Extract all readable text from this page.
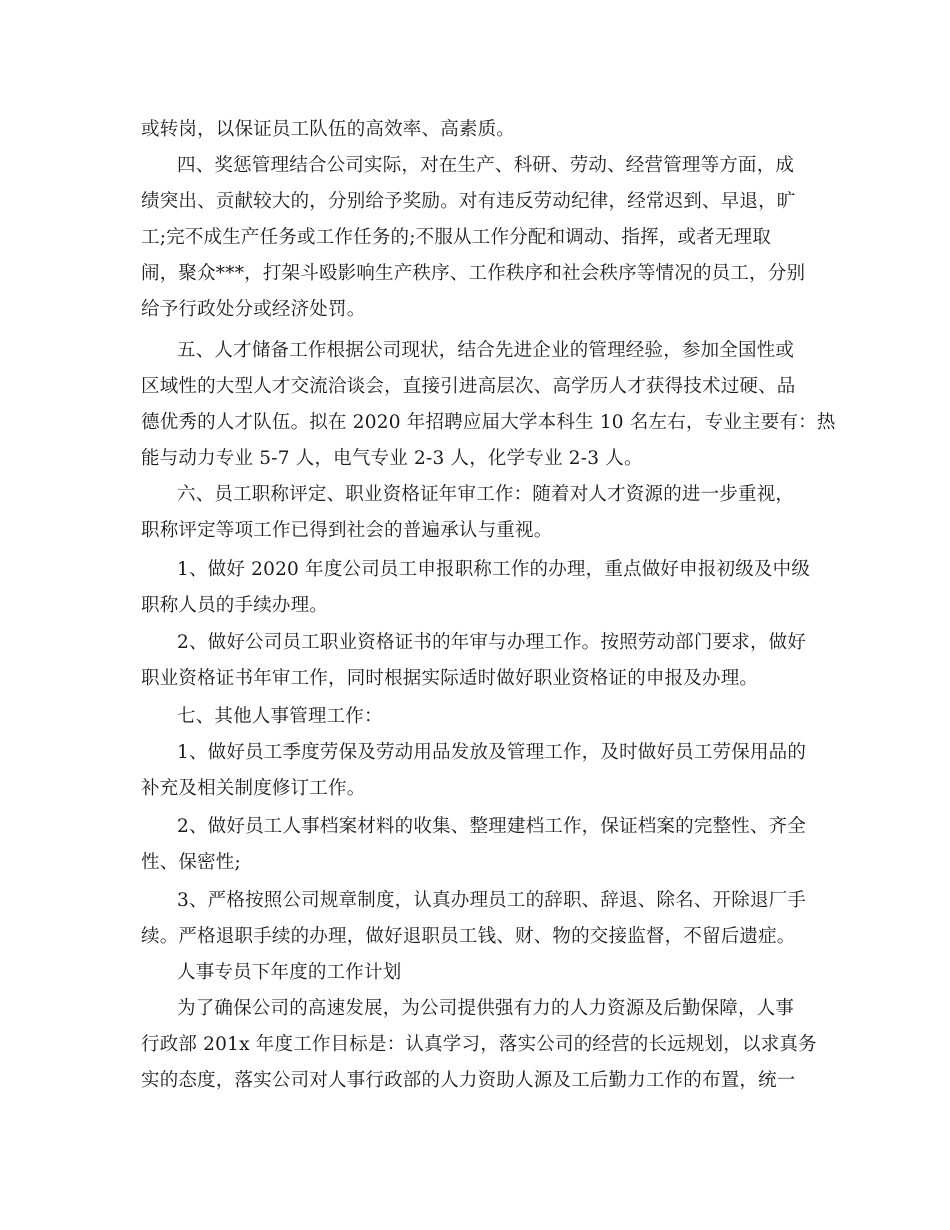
或转岗，以保证员工队伍的高效率、高素质。
四、奖惩管理结合公司实际，对在生产、科研、劳动、经营管理等方面，成
绩突出、贡献较大的，分别给予奖励。对有违反劳动纪律，经常迟到、早退，旷
工;完不成生产任务或工作任务的;不服从工作分配和调动、指挥，或者无理取
闹，聚众***，打架斗殴影响生产秩序、工作秩序和社会秩序等情况的员工，分别
给予行政处分或经济处罚。
五、人才储备工作根据公司现状，结合先进企业的管理经验，参加全国性或
区域性的大型人才交流洽谈会，直接引进高层次、高学历人才获得技术过硬、品
德优秀的人才队伍。拟在 2020 年招聘应届大学本科生 10 名左右，专业主要有：热
能与动力专业 5-7 人，电气专业 2-3 人，化学专业 2-3 人。
六、员工职称评定、职业资格证年审工作：随着对人才资源的进一步重视，
职称评定等项工作已得到社会的普遍承认与重视。
1、做好 2020 年度公司员工申报职称工作的办理，重点做好申报初级及中级
职称人员的手续办理。
2、做好公司员工职业资格证书的年审与办理工作。按照劳动部门要求，做好
职业资格证书年审工作，同时根据实际适时做好职业资格证的申报及办理。
七、其他人事管理工作：
1、做好员工季度劳保及劳动用品发放及管理工作，及时做好员工劳保用品的
补充及相关制度修订工作。
2、做好员工人事档案材料的收集、整理建档工作，保证档案的完整性、齐全
性、保密性;
3、严格按照公司规章制度，认真办理员工的辞职、辞退、除名、开除退厂手
续。严格退职手续的办理，做好退职员工钱、财、物的交接监督，不留后遗症。
人事专员下年度的工作计划
为了确保公司的高速发展，为公司提供强有力的人力资源及后勤保障，人事
行政部 201x 年度工作目标是：认真学习，落实公司的经营的长远规划，以求真务
实的态度，落实公司对人事行政部的人力资助人源及工后勤力工作的布置，统一
